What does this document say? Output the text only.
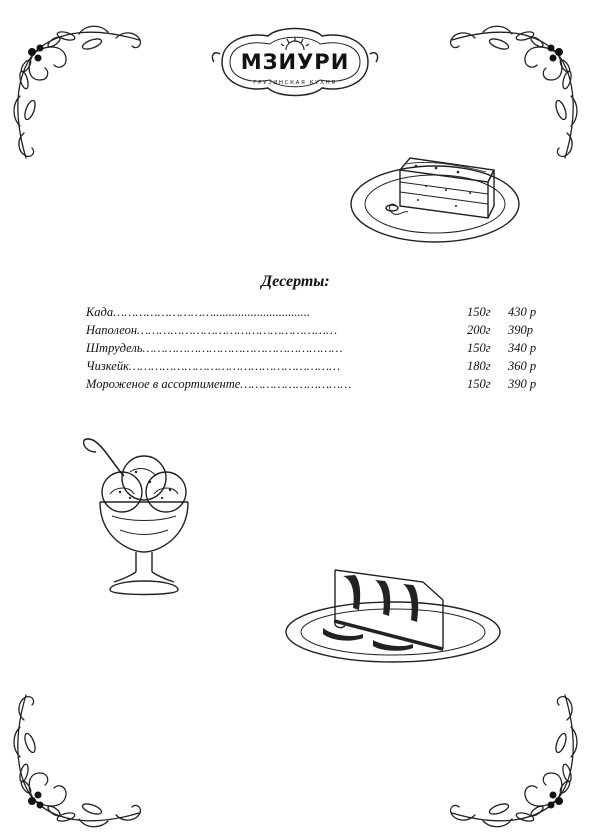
МЗИУРИ
ГРУЗИНСКАЯ КУХНЯ
Десерты:
Када………………………...............................	150г 430 р
Наполеон………………………………………………	200г 390р
Штрудель………………………………………………	150г 340 р
Чизкейк…………………………………………………	180г 360 р
Мороженое в ассортименте…………………………	150г 390 р
